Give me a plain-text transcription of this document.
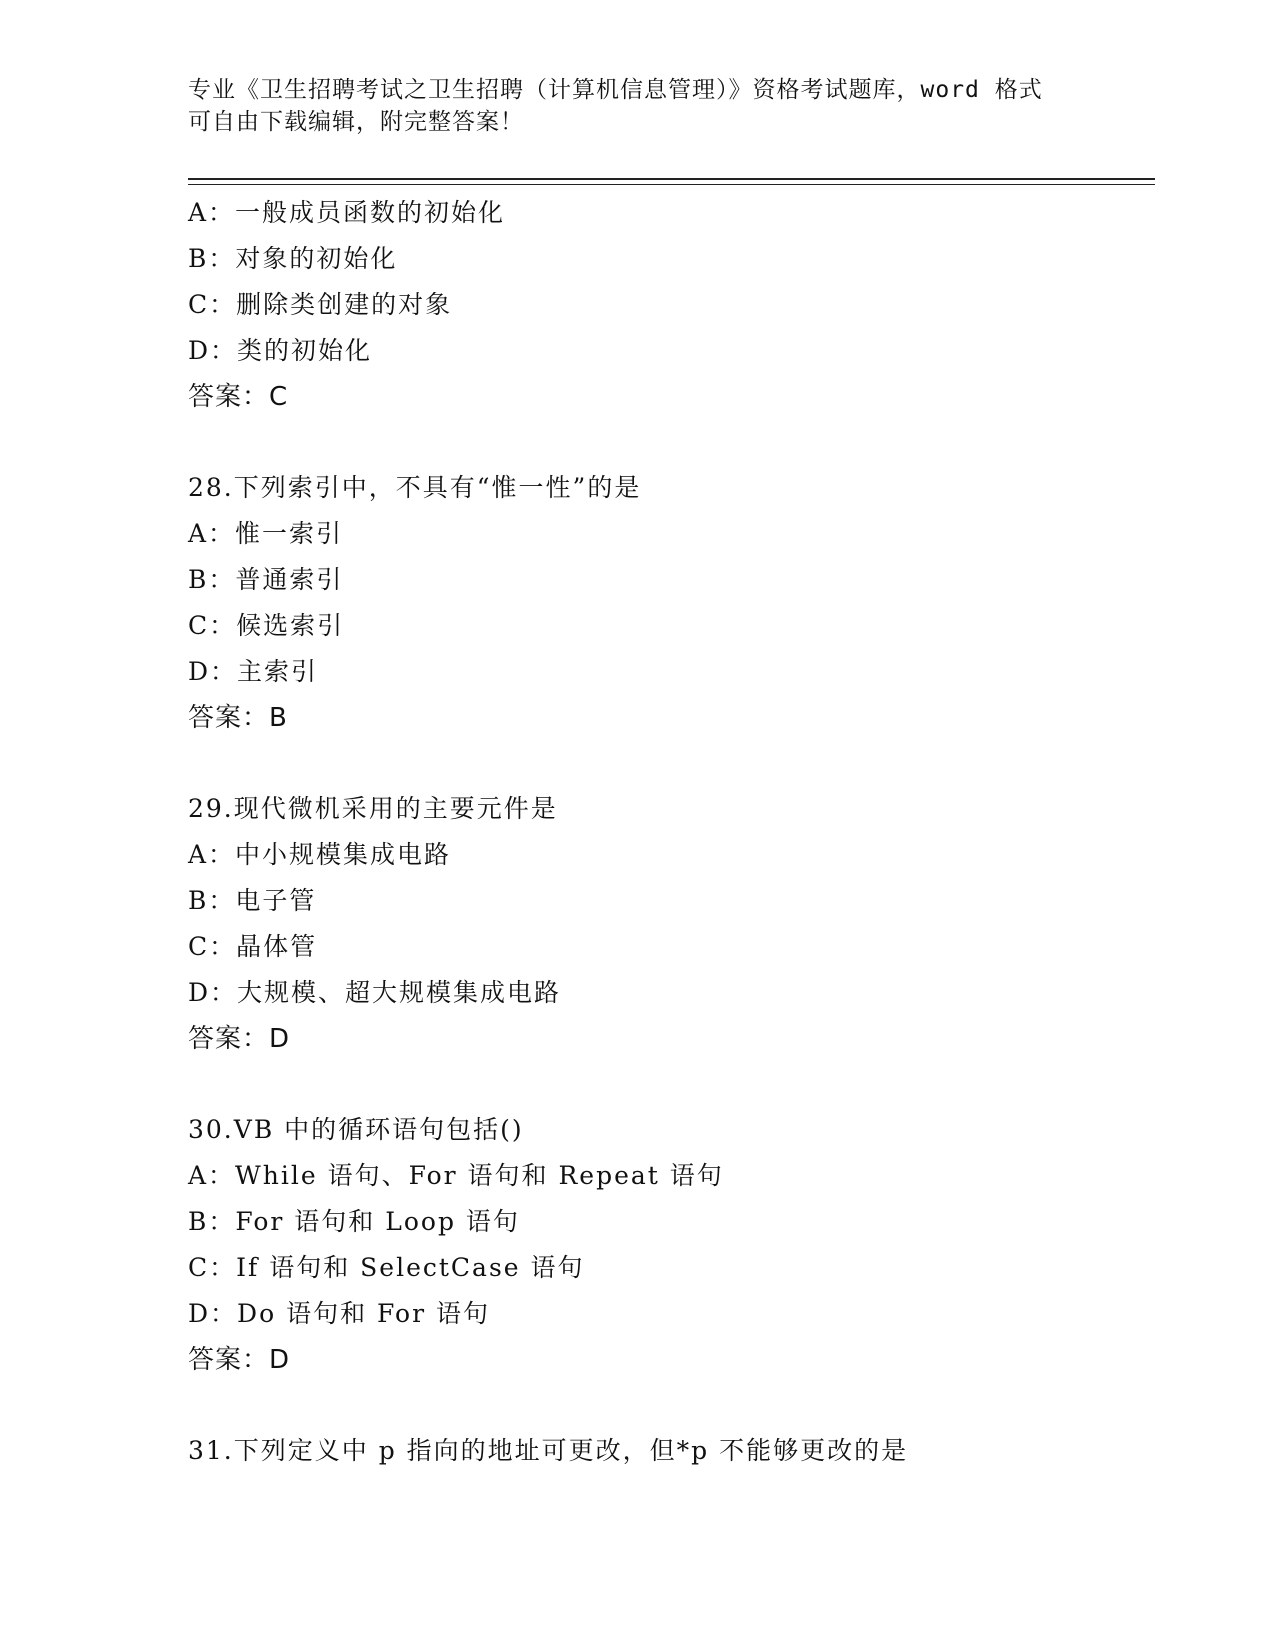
专业《卫生招聘考试之卫生招聘（计算机信息管理）》资格考试题库，word 格式
可自由下载编辑，附完整答案！
A：一般成员函数的初始化
B：对象的初始化
C：删除类创建的对象
D：类的初始化
答案：C
28.下列索引中，不具有“惟一性”的是
A：惟一索引
B：普通索引
C：候选索引
D：主索引
答案：B
29.现代微机采用的主要元件是
A：中小规模集成电路
B：电子管
C：晶体管
D：大规模、超大规模集成电路
答案：D
30.VB 中的循环语句包括()
A：While 语句、For 语句和 Repeat 语句
B：For 语句和 Loop 语句
C：If 语句和 SelectCase 语句
D：Do 语句和 For 语句
答案：D
31.下列定义中 p 指向的地址可更改，但*p 不能够更改的是
